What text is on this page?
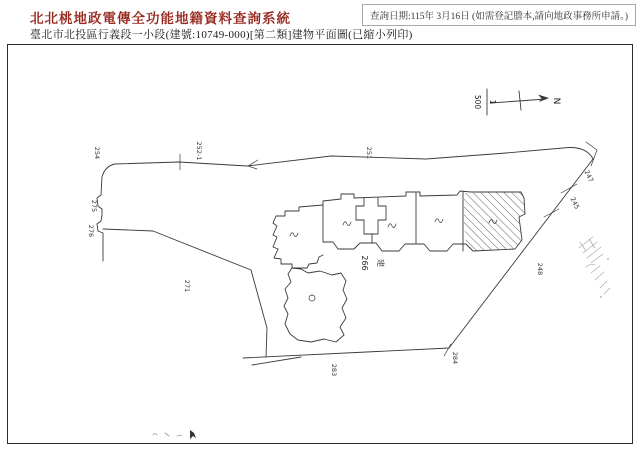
北北桃地政電傳全功能地籍資料查詢系統	查詢日期:115年 3月16日 (如需登記謄本,請向地政事務所申請。)
臺北市北投區行義段一小段(建號:10749-000)[第二類]建物平面圖(已縮小列印)
266 建
1
500	N
254	252-1	251
247
245
275
276
271
248
283
284
